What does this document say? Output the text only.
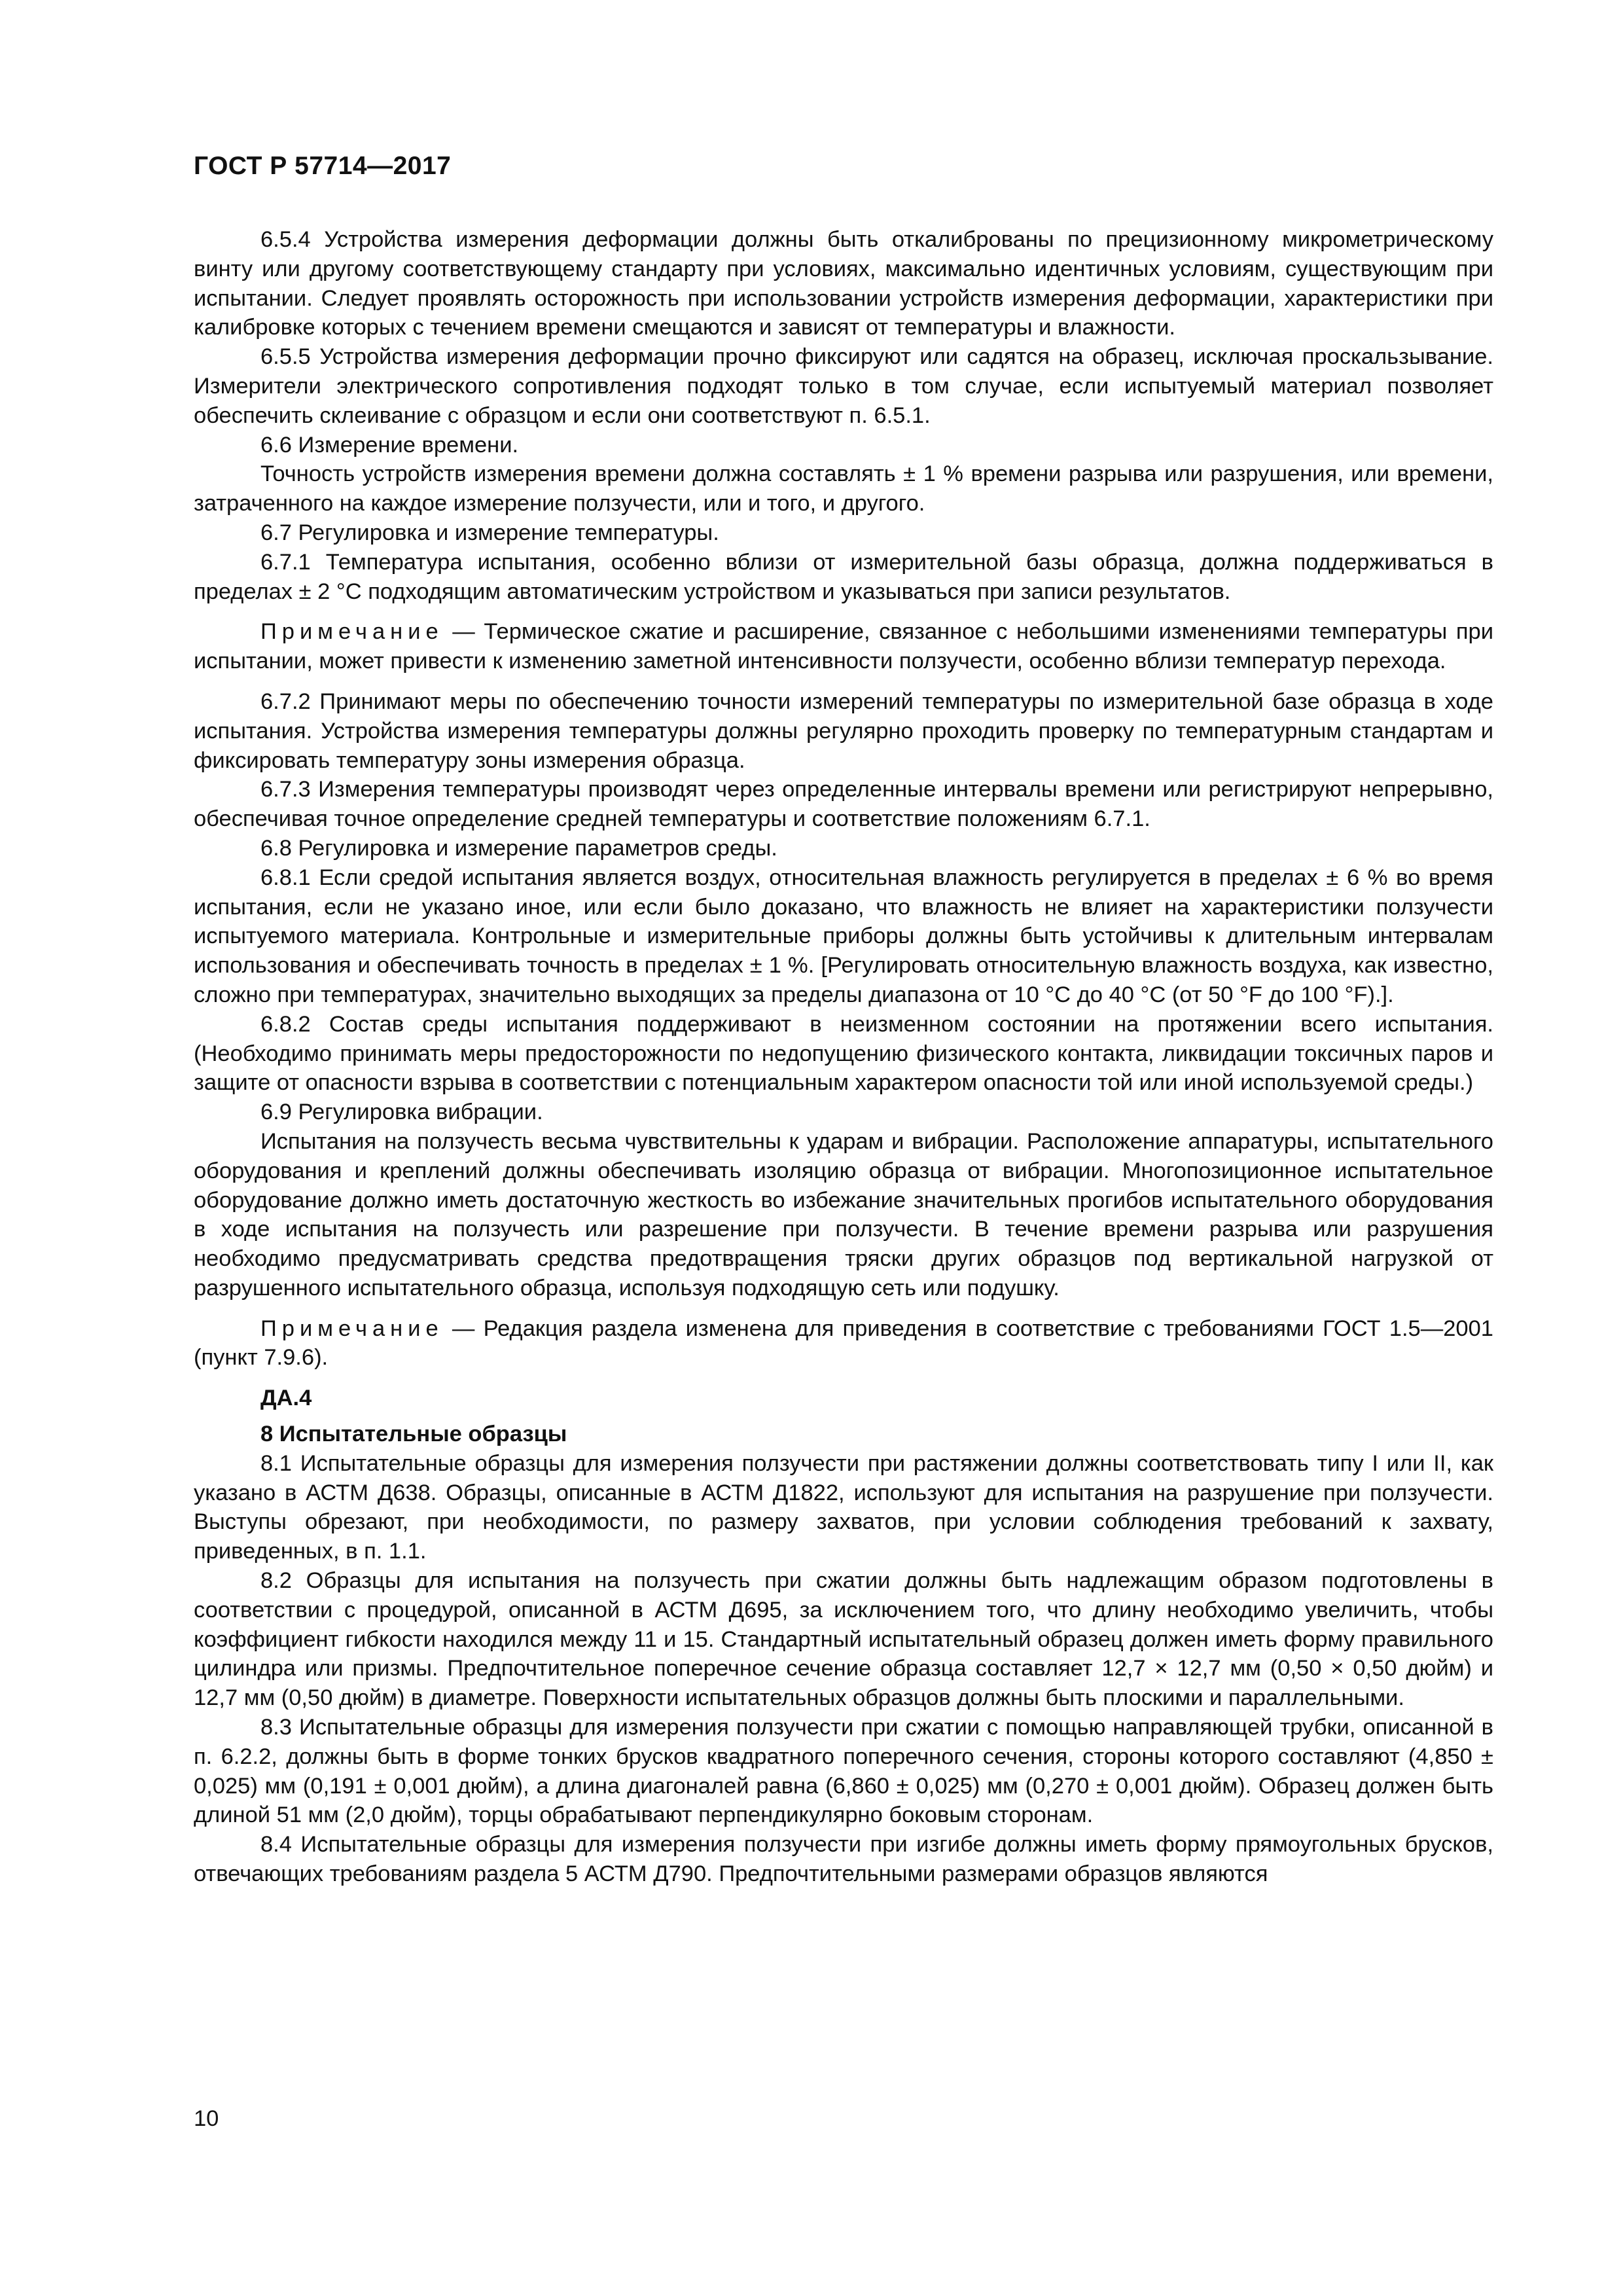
ГОСТ Р 57714—2017

6.5.4 Устройства измерения деформации должны быть откалиброваны по прецизионному микрометрическому винту или другому соответствующему стандарту при условиях, максимально идентичных условиям, существующим при испытании. Следует проявлять осторожность при использовании устройств измерения деформации, характеристики при калибровке которых с течением времени смещаются и зависят от температуры и влажности.

6.5.5 Устройства измерения деформации прочно фиксируют или садятся на образец, исключая проскальзывание. Измерители электрического сопротивления подходят только в том случае, если испытуемый материал позволяет обеспечить склеивание с образцом и если они соответствуют п. 6.5.1.

6.6 Измерение времени.

Точность устройств измерения времени должна составлять ± 1 % времени разрыва или разрушения, или времени, затраченного на каждое измерение ползучести, или и того, и другого.

6.7 Регулировка и измерение температуры.

6.7.1 Температура испытания, особенно вблизи от измерительной базы образца, должна поддерживаться в пределах ± 2 °С подходящим автоматическим устройством и указываться при записи результатов.

Примечание — Термическое сжатие и расширение, связанное с небольшими изменениями температуры при испытании, может привести к изменению заметной интенсивности ползучести, особенно вблизи температур перехода.

6.7.2 Принимают меры по обеспечению точности измерений температуры по измерительной базе образца в ходе испытания. Устройства измерения температуры должны регулярно проходить проверку по температурным стандартам и фиксировать температуру зоны измерения образца.

6.7.3 Измерения температуры производят через определенные интервалы времени или регистрируют непрерывно, обеспечивая точное определение средней температуры и соответствие положениям 6.7.1.

6.8 Регулировка и измерение параметров среды.

6.8.1 Если средой испытания является воздух, относительная влажность регулируется в пределах ± 6 % во время испытания, если не указано иное, или если было доказано, что влажность не влияет на характеристики ползучести испытуемого материала. Контрольные и измерительные приборы должны быть устойчивы к длительным интервалам использования и обеспечивать точность в пределах ± 1 %. [Регулировать относительную влажность воздуха, как известно, сложно при температурах, значительно выходящих за пределы диапазона от 10 °С до 40 °С (от 50 °F до 100 °F).].

6.8.2 Состав среды испытания поддерживают в неизменном состоянии на протяжении всего испытания. (Необходимо принимать меры предосторожности по недопущению физического контакта, ликвидации токсичных паров и защите от опасности взрыва в соответствии с потенциальным характером опасности той или иной используемой среды.)

6.9 Регулировка вибрации.

Испытания на ползучесть весьма чувствительны к ударам и вибрации. Расположение аппаратуры, испытательного оборудования и креплений должны обеспечивать изоляцию образца от вибрации. Многопозиционное испытательное оборудование должно иметь достаточную жесткость во избежание значительных прогибов испытательного оборудования в ходе испытания на ползучесть или разрешение при ползучести. В течение времени разрыва или разрушения необходимо предусматривать средства предотвращения тряски других образцов под вертикальной нагрузкой от разрушенного испытательного образца, используя подходящую сеть или подушку.

Примечание — Редакция раздела изменена для приведения в соответствие с требованиями ГОСТ 1.5—2001 (пункт 7.9.6).

ДА.4

8 Испытательные образцы

8.1 Испытательные образцы для измерения ползучести при растяжении должны соответствовать типу I или II, как указано в АСТМ Д638. Образцы, описанные в АСТМ Д1822, используют для испытания на разрушение при ползучести. Выступы обрезают, при необходимости, по размеру захватов, при условии соблюдения требований к захвату, приведенных, в п. 1.1.

8.2 Образцы для испытания на ползучесть при сжатии должны быть надлежащим образом подготовлены в соответствии с процедурой, описанной в АСТМ Д695, за исключением того, что длину необходимо увеличить, чтобы коэффициент гибкости находился между 11 и 15. Стандартный испытательный образец должен иметь форму правильного цилиндра или призмы. Предпочтительное поперечное сечение образца составляет 12,7 × 12,7 мм (0,50 × 0,50 дюйм) и 12,7 мм (0,50 дюйм) в диаметре. Поверхности испытательных образцов должны быть плоскими и параллельными.

8.3 Испытательные образцы для измерения ползучести при сжатии с помощью направляющей трубки, описанной в п. 6.2.2, должны быть в форме тонких брусков квадратного поперечного сечения, стороны которого составляют (4,850 ± 0,025) мм (0,191 ± 0,001 дюйм), а длина диагоналей равна (6,860 ± 0,025) мм (0,270 ± 0,001 дюйм). Образец должен быть длиной 51 мм (2,0 дюйм), торцы обрабатывают перпендикулярно боковым сторонам.

8.4 Испытательные образцы для измерения ползучести при изгибе должны иметь форму прямоугольных брусков, отвечающих требованиям раздела 5 АСТМ Д790. Предпочтительными размерами образцов являются

10
